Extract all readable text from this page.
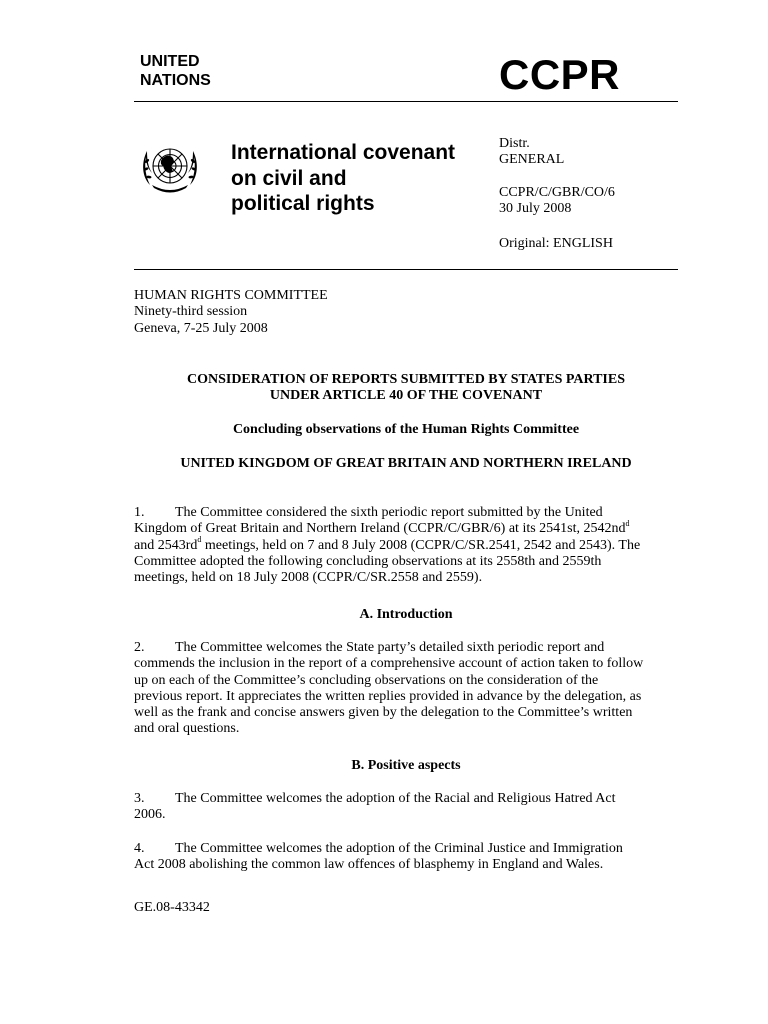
UNITED
NATIONS	CCPR
International covenant
on civil and
political rights
Distr.
GENERAL
CCPR/C/GBR/CO/6
30 July 2008
Original: ENGLISH
HUMAN RIGHTS COMMITTEE
Ninety-third session
Geneva, 7-25 July 2008
CONSIDERATION OF REPORTS SUBMITTED BY STATES PARTIES
UNDER ARTICLE 40 OF THE COVENANT
Concluding observations of the Human Rights Committee
UNITED KINGDOM OF GREAT BRITAIN AND NORTHERN IRELAND
1. The Committee considered the sixth periodic report submitted by the United
Kingdom of Great Britain and Northern Ireland (CCPR/C/GBR/6) at its 2541st, $2542nd^d$
and $2543rd^d$ meetings, held on 7 and 8 July 2008 (CCPR/C/SR.2541, 2542 and 2543). The
Committee adopted the following concluding observations at its 2558th and 2559th
meetings, held on 18 July 2008 (CCPR/C/SR.2558 and 2559).
A. Introduction
2. The Committee welcomes the State party’s detailed sixth periodic report and
commends the inclusion in the report of a comprehensive account of action taken to follow
up on each of the Committee’s concluding observations on the consideration of the
previous report. It appreciates the written replies provided in advance by the delegation, as
well as the frank and concise answers given by the delegation to the Committee’s written
and oral questions.
B. Positive aspects
3. The Committee welcomes the adoption of the Racial and Religious Hatred Act
2006.
4. The Committee welcomes the adoption of the Criminal Justice and Immigration
Act 2008 abolishing the common law offences of blasphemy in England and Wales.
GE.08-43342
